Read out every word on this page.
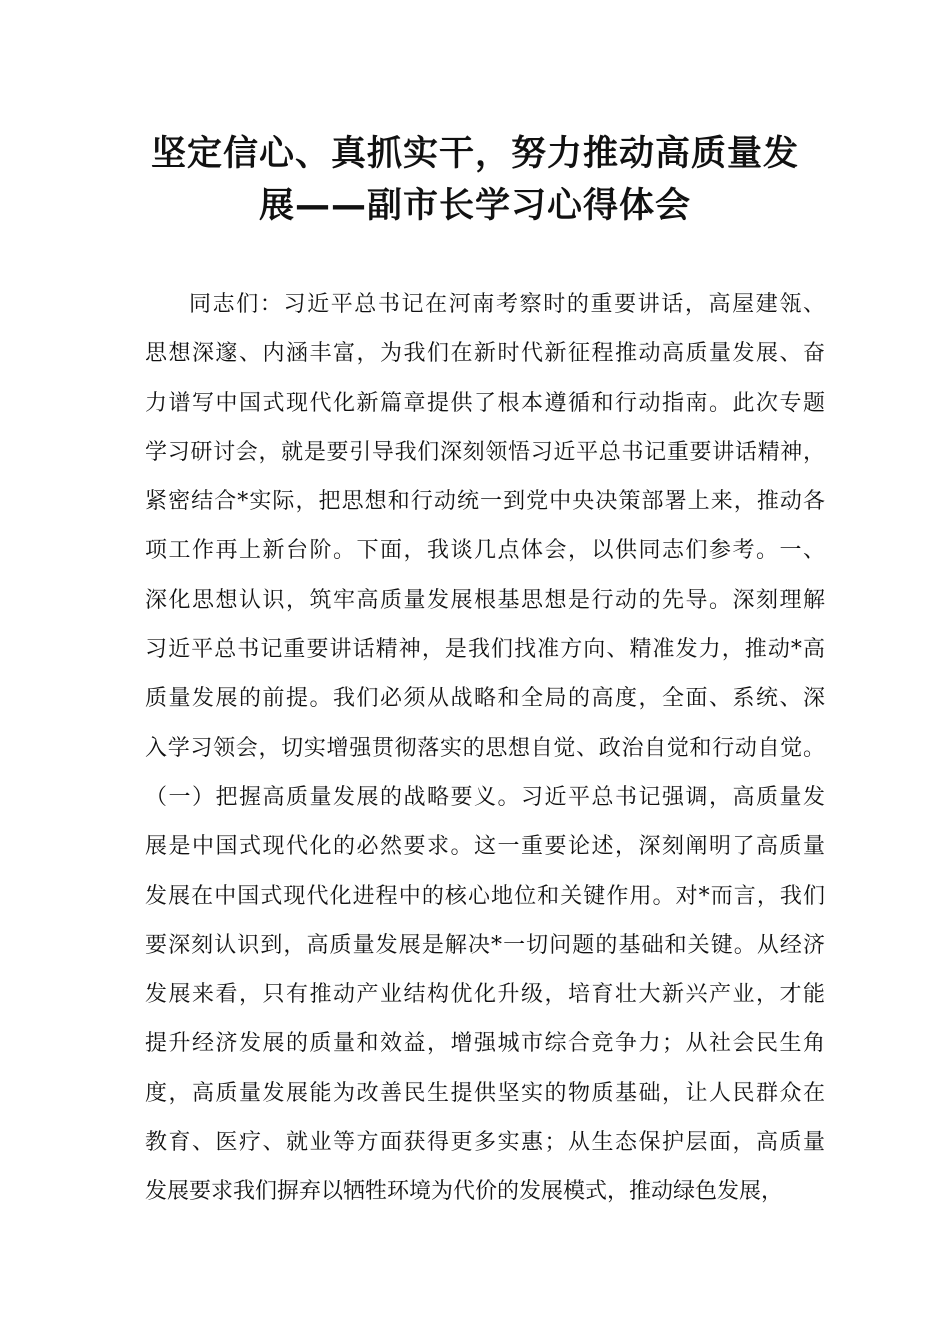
坚定信心、真抓实干，努力推动高质量发
展——副市长学习心得体会
同志们：习近平总书记在河南考察时的重要讲话，高屋建瓴、
思想深邃、内涵丰富，为我们在新时代新征程推动高质量发展、奋
力谱写中国式现代化新篇章提供了根本遵循和行动指南。此次专题
学习研讨会，就是要引导我们深刻领悟习近平总书记重要讲话精神，
紧密结合*实际，把思想和行动统一到党中央决策部署上来，推动各
项工作再上新台阶。下面，我谈几点体会，以供同志们参考。一、
深化思想认识，筑牢高质量发展根基思想是行动的先导。深刻理解
习近平总书记重要讲话精神，是我们找准方向、精准发力，推动*高
质量发展的前提。我们必须从战略和全局的高度，全面、系统、深
入学习领会，切实增强贯彻落实的思想自觉、政治自觉和行动自觉。
（一）把握高质量发展的战略要义。习近平总书记强调，高质量发
展是中国式现代化的必然要求。这一重要论述，深刻阐明了高质量
发展在中国式现代化进程中的核心地位和关键作用。对*而言，我们
要深刻认识到，高质量发展是解决*一切问题的基础和关键。从经济
发展来看，只有推动产业结构优化升级，培育壮大新兴产业，才能
提升经济发展的质量和效益，增强城市综合竞争力；从社会民生角
度，高质量发展能为改善民生提供坚实的物质基础，让人民群众在
教育、医疗、就业等方面获得更多实惠；从生态保护层面，高质量
发展要求我们摒弃以牺牲环境为代价的发展模式，推动绿色发展，
